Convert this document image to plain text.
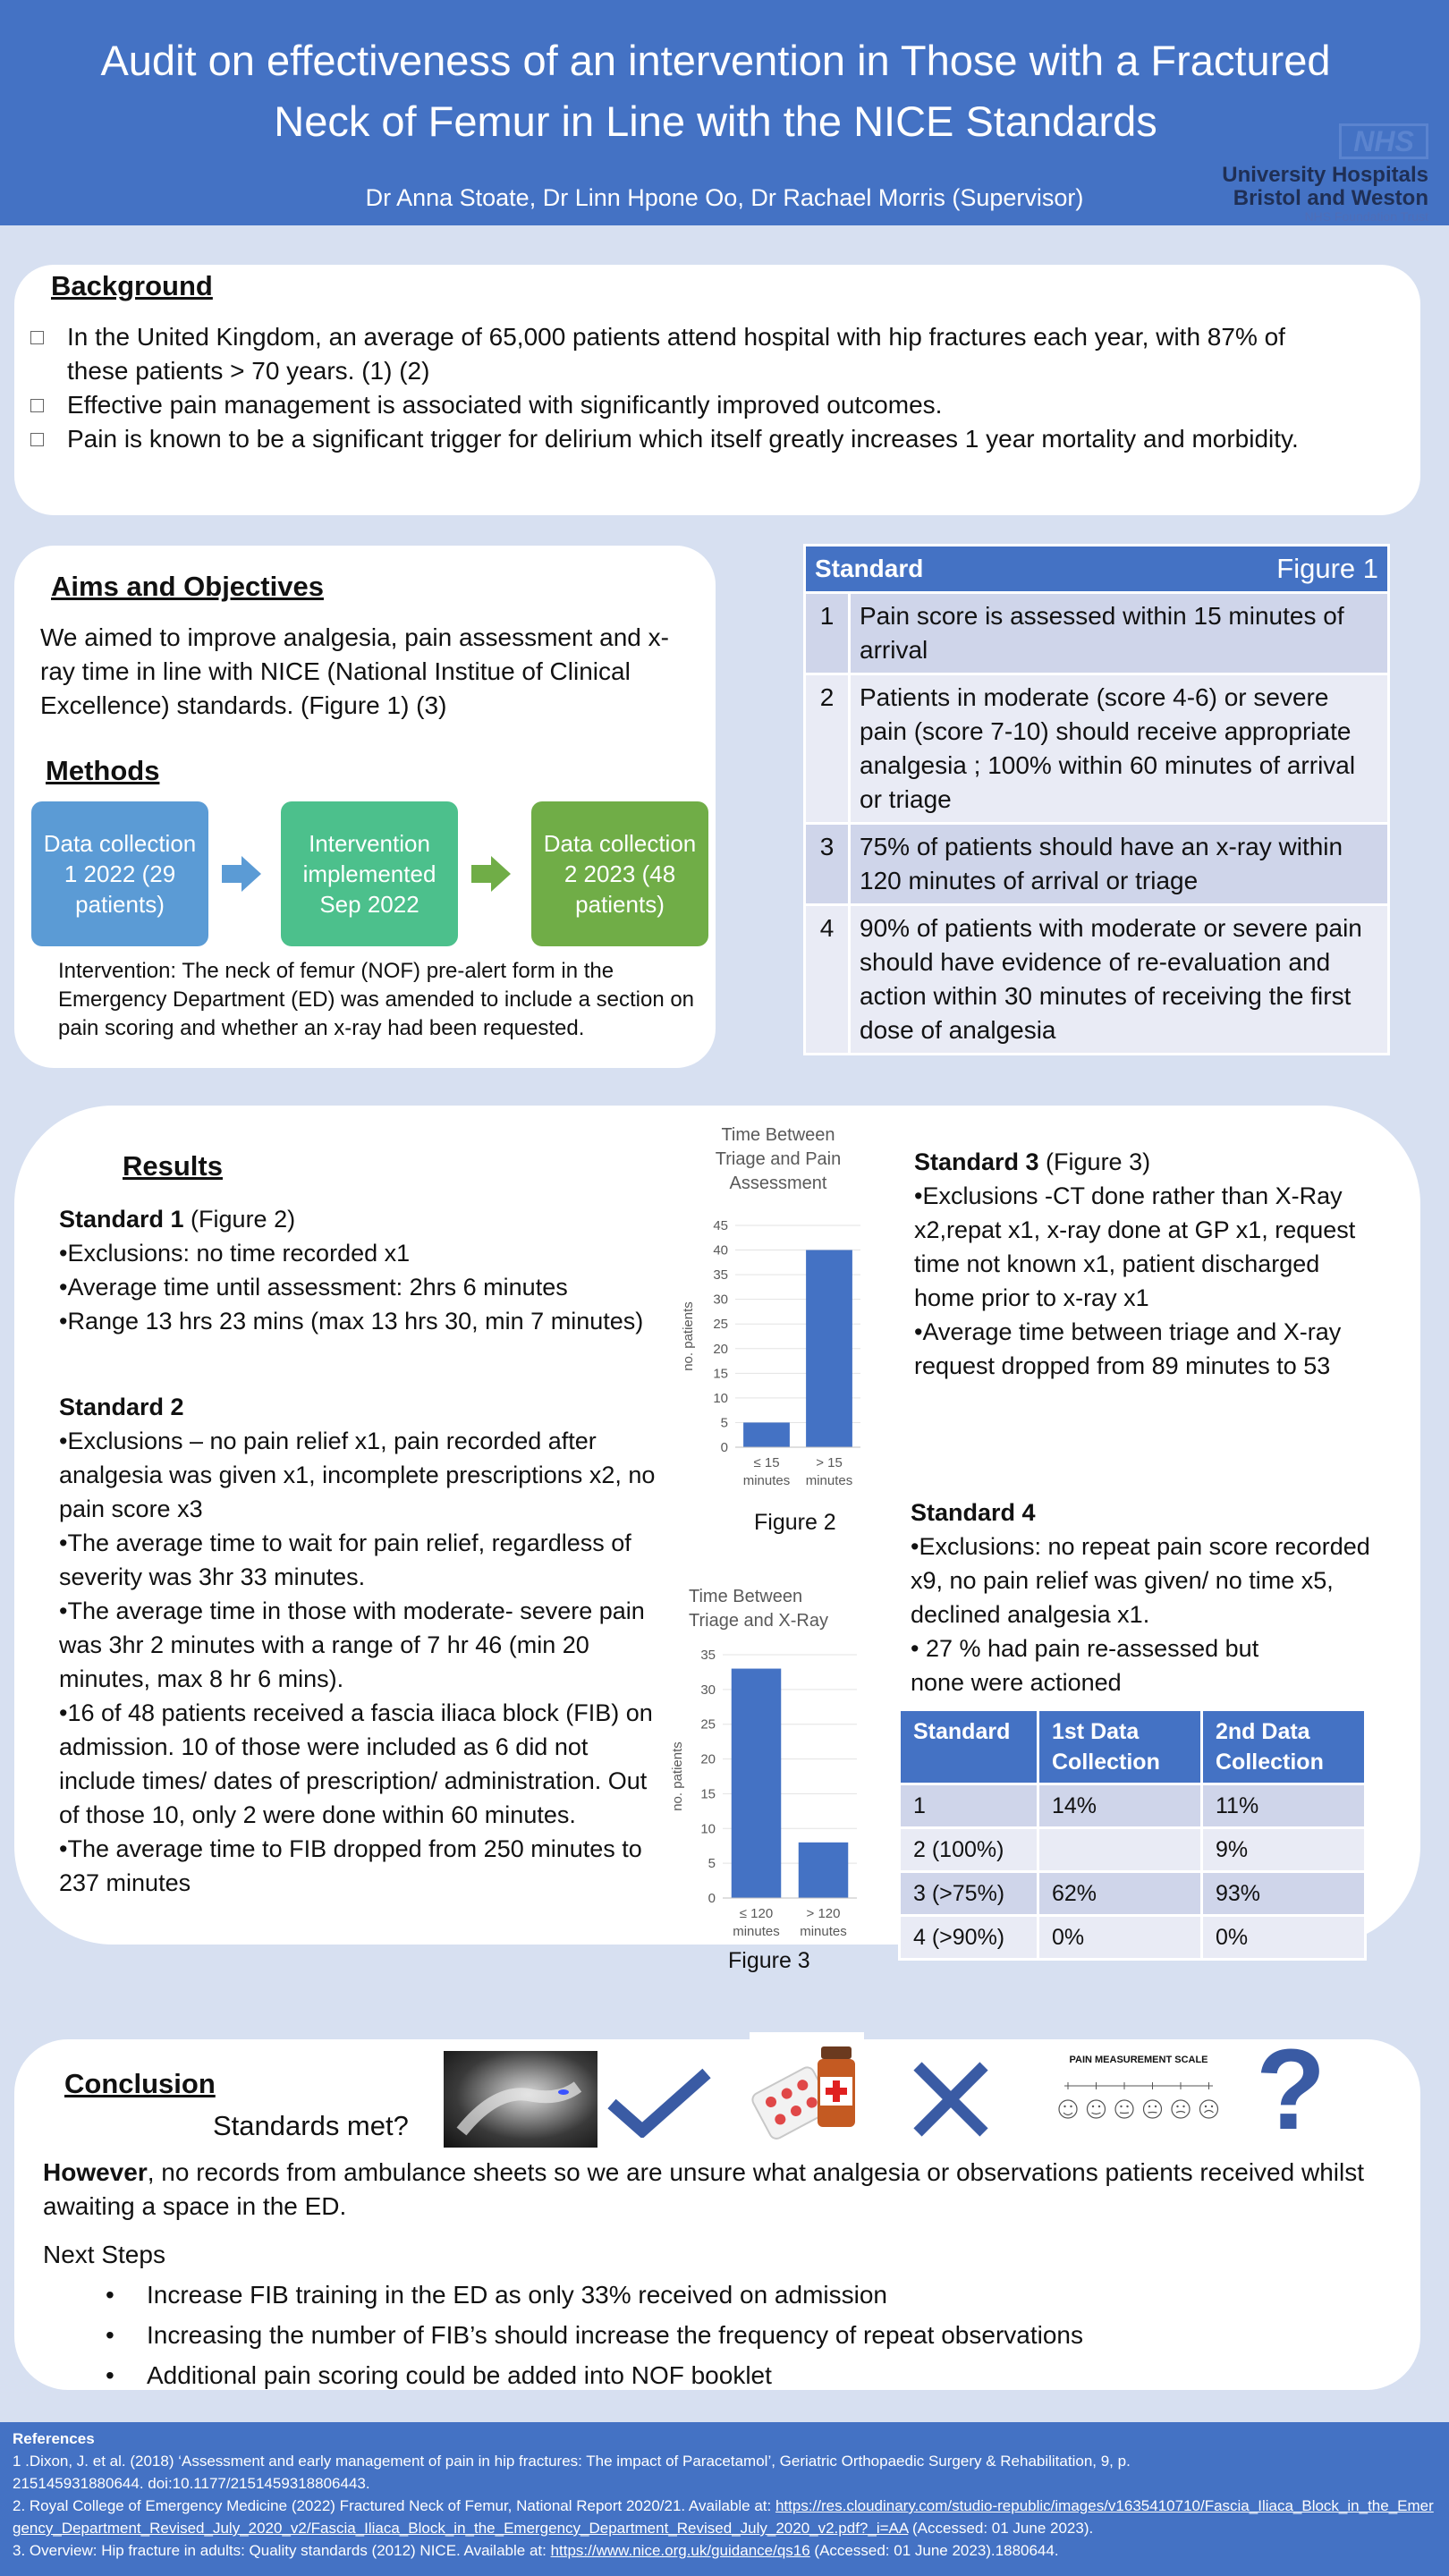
Audit on effectiveness of an intervention in Those with a Fractured Neck of Femur in Line with the NICE Standards
Dr Anna Stoate, Dr Linn Hpone Oo, Dr Rachael Morris (Supervisor)
NHS
University Hospitals
Bristol and Weston
NHS Foundation Trust
Background
In the United Kingdom, an average of 65,000 patients attend hospital with hip fractures each year, with 87% of these patients > 70 years. (1) (2)
Effective pain management is associated with significantly improved outcomes.
Pain is known to be a significant trigger for delirium which itself greatly increases 1 year mortality and morbidity.
Aims and Objectives
We aimed to improve analgesia, pain assessment and x-ray time in line with NICE (National Institue of Clinical Excellence) standards. (Figure 1) (3)
Methods
Data collection 1 2022 (29 patients)
Intervention implemented Sep 2022
Data collection 2 2023 (48 patients)
Intervention: The neck of femur (NOF) pre-alert form in the Emergency Department (ED) was amended to include a section on pain scoring and whether an x-ray had been requested.
Standard Figure 1	

1	Pain score is assessed within 15 minutes of arrival
2	Patients in moderate (score 4-6) or severe pain (score 7-10) should receive appropriate analgesia ; 100% within 60 minutes of arrival or triage
3	75% of patients should have an x-ray within 120 minutes of arrival or triage
4	90% of patients with moderate or severe pain should have evidence of re-evaluation and action within 30 minutes of receiving the first dose of analgesia
Results

Standard 1 (Figure 2)

•Exclusions: no time recorded x1

•Average time until assessment: 2hrs 6 minutes

•Range 13 hrs 23 mins (max 13 hrs 30, min 7 minutes)

Standard 2

•Exclusions – no pain relief x1, pain recorded after analgesia was given x1, incomplete prescriptions x2, no pain score x3

•The average time to wait for pain relief, regardless of severity was 3hr 33 minutes.

•The average time in those with moderate- severe pain was 3hr 2 minutes with a range of 7 hr 46 (min 20 minutes, max 8 hr 6 mins).

•16 of 48 patients received a fascia iliaca block (FIB) on admission. 10 of those were included as 6 did not include times/ dates of prescription/ administration. Out of those 10, only 2 were done within 60 minutes.

•The average time to FIB dropped from 250 minutes to 237 minutes

Standard 3 (Figure 3)

•Exclusions -CT done rather than X-Ray x2,repat x1, x-ray done at GP x1, request time not known x1, patient discharged home prior to x-ray x1

•Average time between triage and X-ray request dropped from 89 minutes to 53

Standard 4

•Exclusions: no repeat pain score recorded x9, no pain relief was given/ no time x5, declined analgesia x1.

• 27 % had pain re-assessed but none were actioned

Time Between Triage and Pain Assessment
no. patients
0
5
10
15
20
25
30
35
40
45
≤ 15
minutes
> 15
minutes
Figure 2
Time Between Triage and X-Ray
no. patients
0
5
10
15
20
25
30
35
≤ 120
minutes
> 120
minutes
Figure 3
Standard	1st Data Collection	2nd Data Collection
1	14%	11%
2 (100%)		9%
3 (>75%)	62%	93%
4 (>90%)	0%	0%
Conclusion
Standards met?
PAIN MEASUREMENT SCALE ?
However, no records from ambulance sheets so we are unsure what analgesia or observations patients received whilst awaiting a space in the ED.
Next Steps
• Increase FIB training in the ED as only 33% received on admission
• Increasing the number of FIB’s should increase the frequency of repeat observations
• Additional pain scoring could be added into NOF booklet
References
1 .Dixon, J. et al. (2018) ‘Assessment and early management of pain in hip fractures: The impact of Paracetamol’, Geriatric Orthopaedic Surgery & Rehabilitation, 9, p. 215145931880644. doi:10.1177/2151459318806443.
2. Royal College of Emergency Medicine (2022) Fractured Neck of Femur, National Report 2020/21. Available at: https://res.cloudinary.com/studio-republic/images/v1635410710/Fascia_Iliaca_Block_in_the_Emergency_Department_Revised_July_2020_v2/Fascia_Iliaca_Block_in_the_Emergency_Department_Revised_July_2020_v2.pdf?_i=AA (Accessed: 01 June 2023).
3. Overview: Hip fracture in adults: Quality standards (2012) NICE. Available at: https://www.nice.org.uk/guidance/qs16 (Accessed: 01 June 2023).1880644.
